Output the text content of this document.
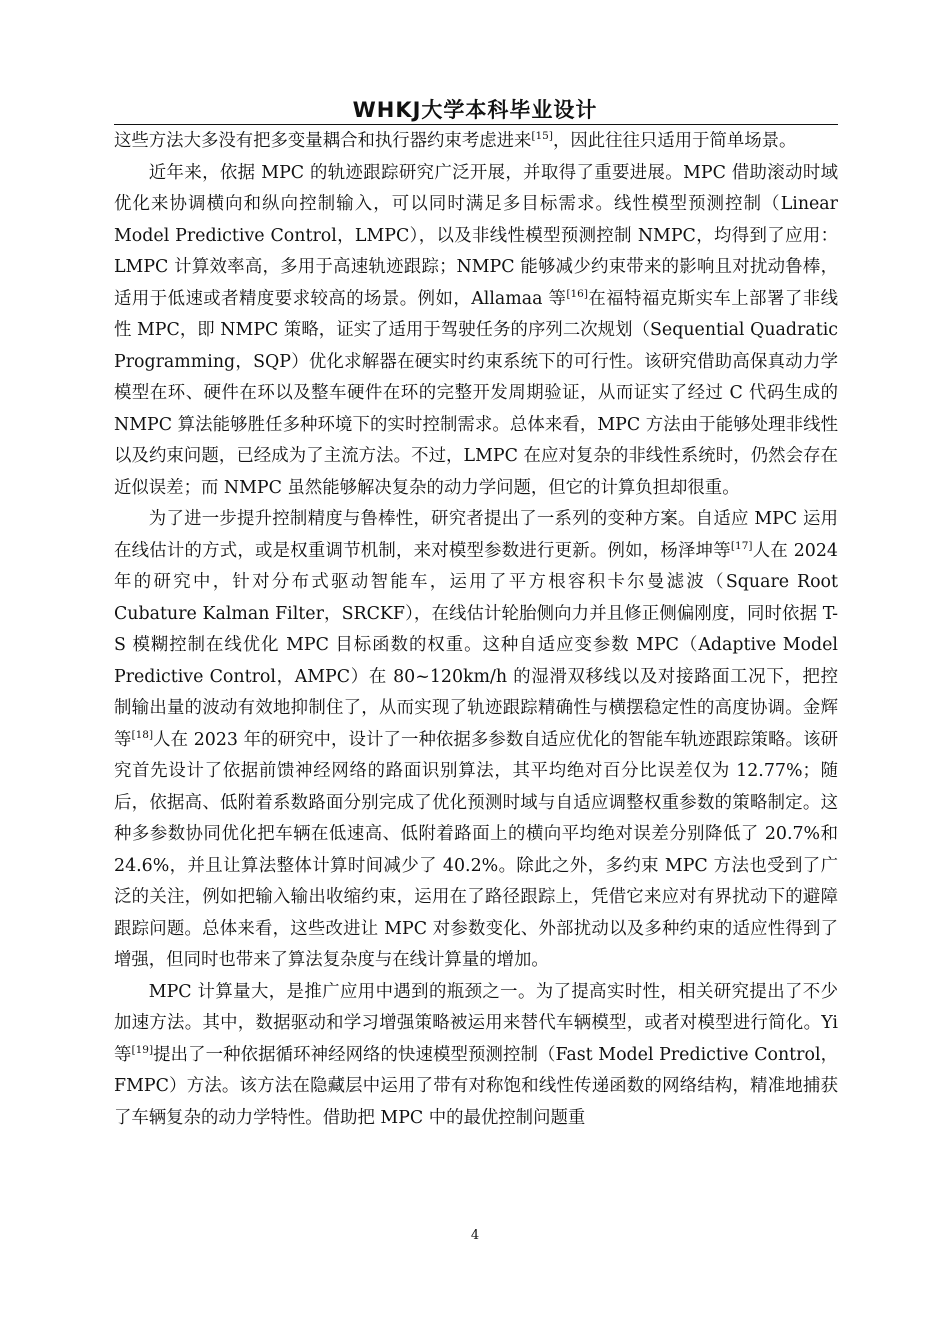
WHKJ大学本科毕业设计

这些方法大多没有把多变量耦合和执行器约束考虑进来[15]，因此往往只适用于简单场景。

近年来，依据 MPC 的轨迹跟踪研究广泛开展，并取得了重要进展。MPC 借助滚动时域优化来协调横向和纵向控制输入，可以同时满足多目标需求。线性模型预测控制（Linear Model Predictive Control，LMPC），以及非线性模型预测控制 NMPC，均得到了应用：LMPC 计算效率高，多用于高速轨迹跟踪；NMPC 能够减少约束带来的影响且对扰动鲁棒，适用于低速或者精度要求较高的场景。例如，Allamaa 等[16]在福特福克斯实车上部署了非线性 MPC，即 NMPC 策略，证实了适用于驾驶任务的序列二次规划（Sequential Quadratic Programming，SQP）优化求解器在硬实时约束系统下的可行性。该研究借助高保真动力学模型在环、硬件在环以及整车硬件在环的完整开发周期验证，从而证实了经过 C 代码生成的 NMPC 算法能够胜任多种环境下的实时控制需求。总体来看，MPC 方法由于能够处理非线性以及约束问题，已经成为了主流方法。不过，LMPC 在应对复杂的非线性系统时，仍然会存在近似误差；而 NMPC 虽然能够解决复杂的动力学问题，但它的计算负担却很重。

为了进一步提升控制精度与鲁棒性，研究者提出了一系列的变种方案。自适应 MPC 运用在线估计的方式，或是权重调节机制，来对模型参数进行更新。例如，杨泽坤等[17]人在 2024 年的研究中，针对分布式驱动智能车，运用了平方根容积卡尔曼滤波（Square Root Cubature Kalman Filter，SRCKF），在线估计轮胎侧向力并且修正侧偏刚度，同时依据 T-S 模糊控制在线优化 MPC 目标函数的权重。这种自适应变参数 MPC（Adaptive Model Predictive Control，AMPC）在 80~120km/h 的湿滑双移线以及对接路面工况下，把控制输出量的波动有效地抑制住了，从而实现了轨迹跟踪精确性与横摆稳定性的高度协调。金辉等[18]人在 2023 年的研究中，设计了一种依据多参数自适应优化的智能车轨迹跟踪策略。该研究首先设计了依据前馈神经网络的路面识别算法，其平均绝对百分比误差仅为 12.77%；随后，依据高、低附着系数路面分别完成了优化预测时域与自适应调整权重参数的策略制定。这种多参数协同优化把车辆在低速高、低附着路面上的横向平均绝对误差分别降低了 20.7%和 24.6%，并且让算法整体计算时间减少了 40.2%。除此之外，多约束 MPC 方法也受到了广泛的关注，例如把输入输出收缩约束，运用在了路径跟踪上，凭借它来应对有界扰动下的避障跟踪问题。总体来看，这些改进让 MPC 对参数变化、外部扰动以及多种约束的适应性得到了增强，但同时也带来了算法复杂度与在线计算量的增加。

MPC 计算量大，是推广应用中遇到的瓶颈之一。为了提高实时性，相关研究提出了不少加速方法。其中，数据驱动和学习增强策略被运用来替代车辆模型，或者对模型进行简化。Yi 等[19]提出了一种依据循环神经网络的快速模型预测控制（Fast Model Predictive Control，FMPC）方法。该方法在隐藏层中运用了带有对称饱和线性传递函数的网络结构，精准地捕获了车辆复杂的动力学特性。借助把 MPC 中的最优控制问题重

4
